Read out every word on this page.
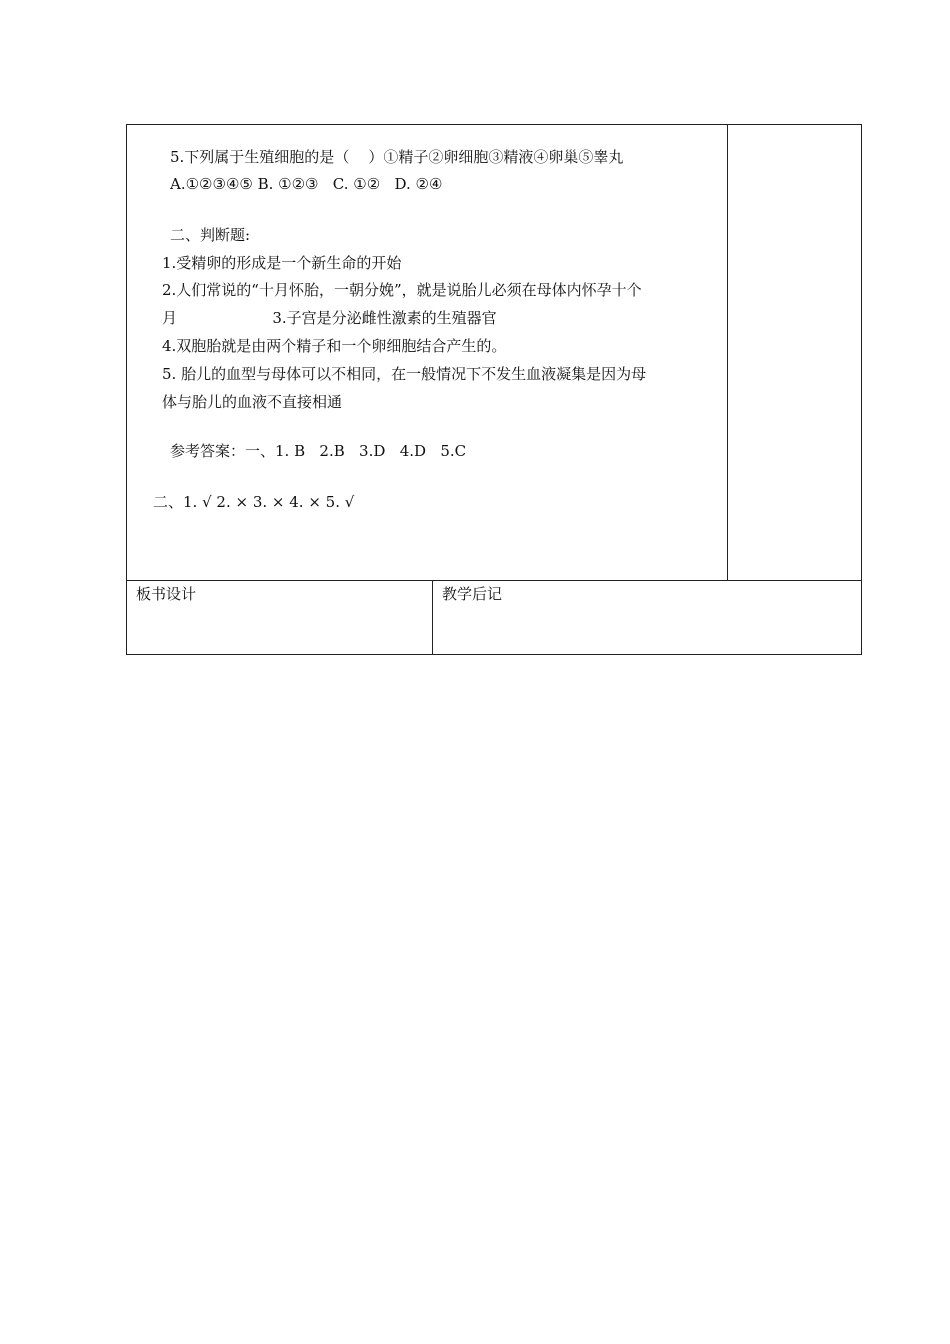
5.下列属于生殖细胞的是（    ）①精子②卵细胞③精液④卵巢⑤睾丸
A.①②③④⑤ B. ①②③   C. ①②   D. ②④
二、判断题:
1.受精卵的形成是一个新生命的开始
2.人们常说的“十月怀胎，一朝分娩”，就是说胎儿必须在母体内怀孕十个
月                    3.子宫是分泌雌性激素的生殖器官
4.双胞胎就是由两个精子和一个卵细胞结合产生的。
5. 胎儿的血型与母体可以不相同，在一般情况下不发生血液凝集是因为母
体与胎儿的血液不直接相通
参考答案：一、1. B   2.B   3.D   4.D   5.C
二、1. √ 2. × 3. × 4. × 5. √
板书设计	教学后记
